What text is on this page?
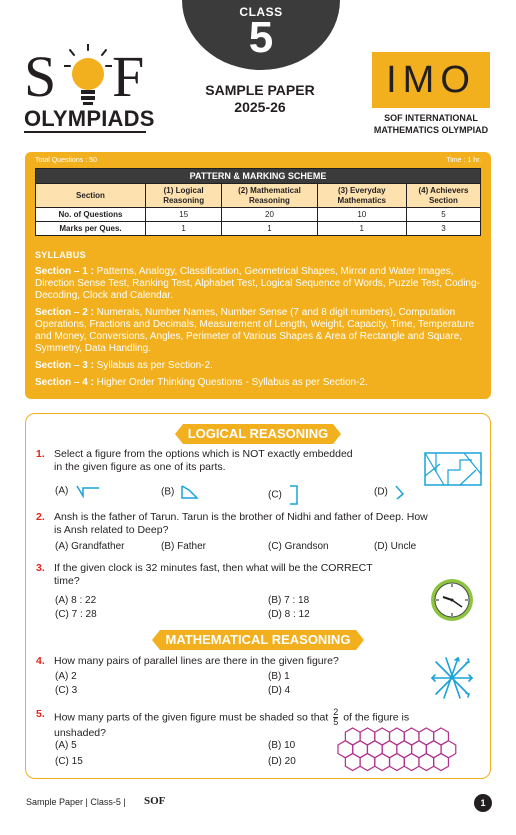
CLASS
5
SAMPLE PAPER
2025-26
S F
OLYMPIADS
IMO
SOF INTERNATIONAL
MATHEMATICS OLYMPIAD
Total Questions : 50	Time : 1 hr.
PATTERN & MARKING SCHEME				
Section	(1) Logical Reasoning	(2) Mathematical Reasoning	(3) Everyday Mathematics	(4) Achievers Section
No. of Questions	15	20	10	5
Marks per Ques.	1	1	1	3
SYLLABUS

Section – 1 : Patterns, Analogy, Classification, Geometrical Shapes, Mirror and Water Images, Direction Sense Test, Ranking Test, Alphabet Test, Logical Sequence of Words, Puzzle Test, Coding-Decoding, Clock and Calendar.

Section – 2 : Numerals, Number Names, Number Sense (7 and 8 digit numbers), Computation Operations, Fractions and Decimals, Measurement of Length, Weight, Capacity, Time, Temperature and Money, Conversions, Angles, Perimeter of Various Shapes & Area of Rectangle and Square, Symmetry, Data Handling.

Section – 3 : Syllabus as per Section-2.

Section – 4 : Higher Order Thinking Questions - Syllabus as per Section-2.

LOGICAL REASONING
1. Select a figure from the options which is NOT exactly embedded
in the given figure as one of its parts.
(A)	(B)	(C)	(D)
2. Ansh is the father of Tarun. Tarun is the brother of Nidhi and father of Deep. How
is Ansh related to Deep?
(A) Grandfather	(B) Father	(C) Grandson	(D) Uncle
3. If the given clock is 32 minutes fast, then what will be the CORRECT
time?
(A) 8 : 22	(B) 7 : 18
(C) 7 : 28	(D) 8 : 12
MATHEMATICAL REASONING
4. How many pairs of parallel lines are there in the given figure?
(A) 2	(B) 1
(C) 3	(D) 4
5. How many parts of the given figure must be shaded so that $\frac{2}{5}$ of the figure is
unshaded?
(A) 5	(B) 10
(C) 15	(D) 20
Sample Paper | Class-5 | SOF	1
